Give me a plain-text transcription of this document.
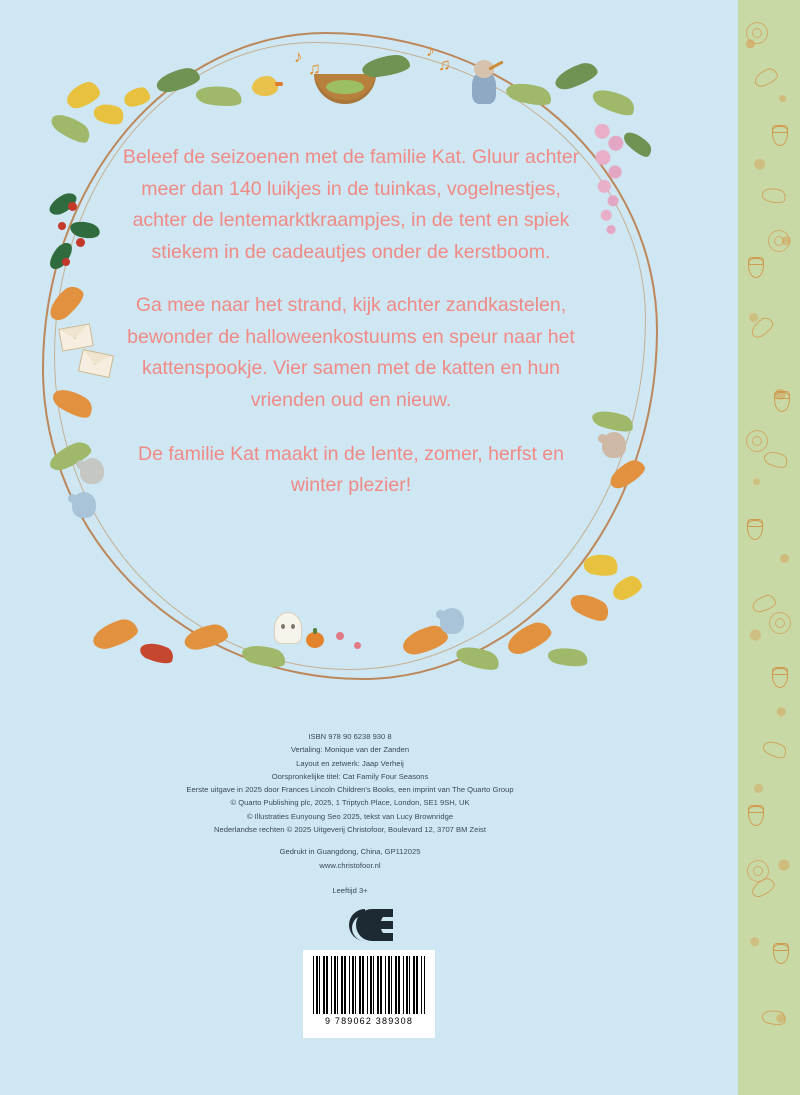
♪
♫
♪
♫

Beleef de seizoenen met de familie Kat. Gluur achter meer dan 140 luikjes in de tuinkas, vogelnestjes, achter de lentemarktkraampjes, in de tent en spiek stiekem in de cadeautjes onder de kerstboom.

Ga mee naar het strand, kijk achter zandkastelen, bewonder de halloweenkostuums en speur naar het kattenspookje. Vier samen met de katten en hun vrienden oud en nieuw.

De familie Kat maakt in de lente, zomer, herfst en winter plezier!

ISBN 978 90 6238 930 8
Vertaling: Monique van der Zanden
Layout en zetwerk: Jaap Verheij
Oorspronkelijke titel: Cat Family Four Seasons
Eerste uitgave in 2025 door Frances Lincoln Children's Books, een imprint van The Quarto Group
© Quarto Publishing plc, 2025, 1 Triptych Place, London, SE1 9SH, UK
© Illustraties Eunyoung Seo 2025, tekst van Lucy Brownridge
Nederlandse rechten © 2025 Uitgeverij Christofoor, Boulevard 12, 3707 BM Zeist
Gedrukt in Guangdong, China, GP112025
www.christofoor.nl
Leeftijd 3+
9 789062 389308
